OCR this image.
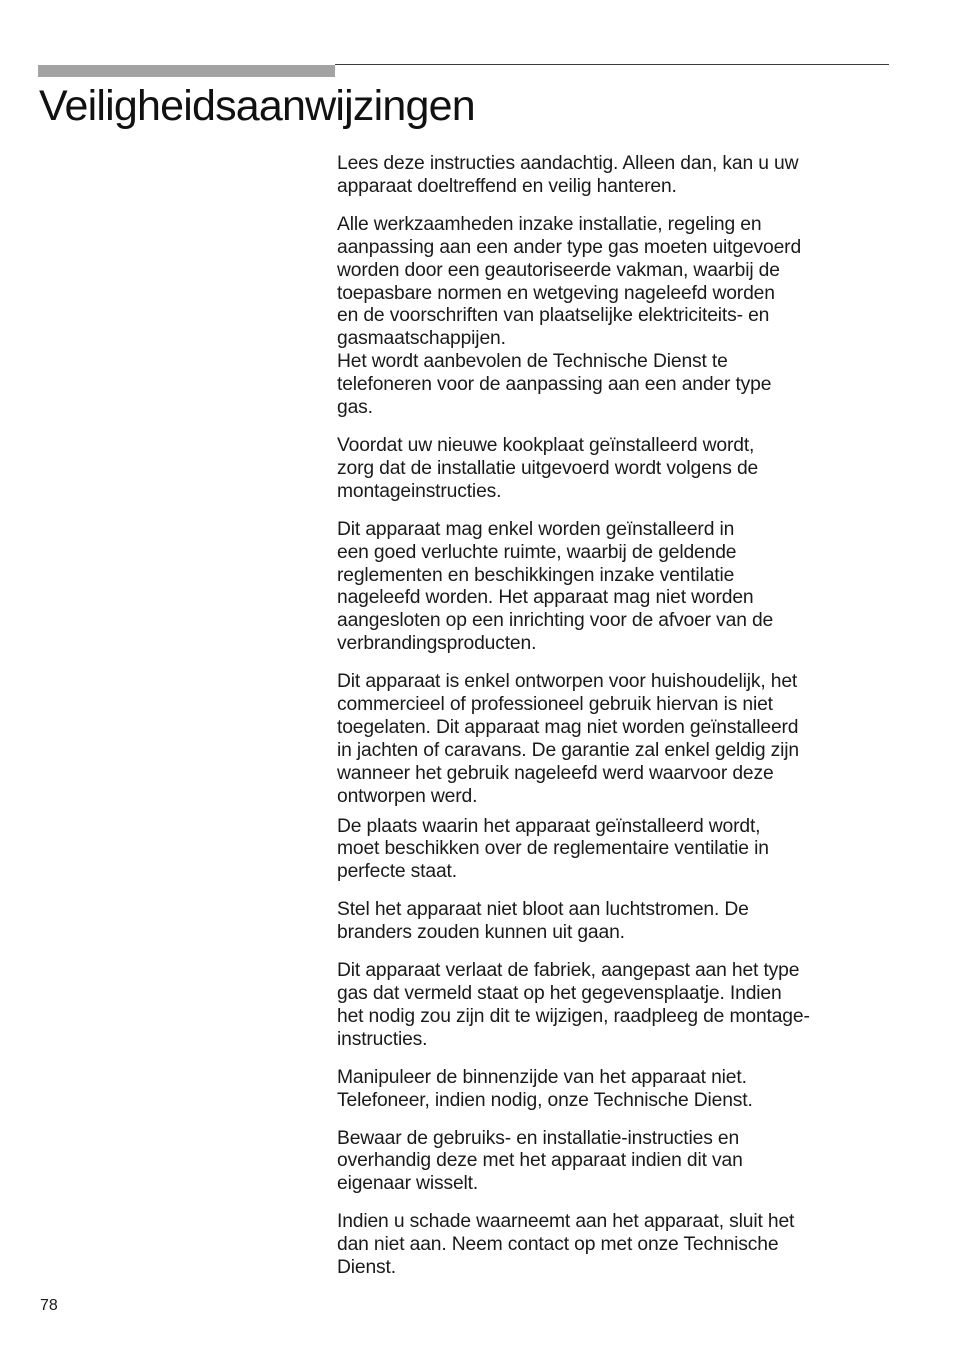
Veiligheidsaanwijzingen

Lees deze instructies aandachtig. Alleen dan, kan u uw
apparaat doeltreffend en veilig hanteren.

Alle werkzaamheden inzake installatie, regeling en
aanpassing aan een ander type gas moeten uitgevoerd
worden door een geautoriseerde vakman, waarbij de
toepasbare normen en wetgeving nageleefd worden
en de voorschriften van plaatselijke elektriciteits- en
gasmaatschappijen.
Het wordt aanbevolen de Technische Dienst te
telefoneren voor de aanpassing aan een ander type
gas.

Voordat uw nieuwe kookplaat geïnstalleerd wordt,
zorg dat de installatie uitgevoerd wordt volgens de
montageinstructies.

Dit apparaat mag enkel worden geïnstalleerd in
een goed verluchte ruimte, waarbij de geldende
reglementen en beschikkingen inzake ventilatie
nageleefd worden. Het apparaat mag niet worden
aangesloten op een inrichting voor de afvoer van de
verbrandingsproducten.

Dit apparaat is enkel ontworpen voor huishoudelijk, het
commercieel of professioneel gebruik hiervan is niet
toegelaten. Dit apparaat mag niet worden geïnstalleerd
in jachten of caravans. De garantie zal enkel geldig zijn
wanneer het gebruik nageleefd werd waarvoor deze
ontworpen werd.

De plaats waarin het apparaat geïnstalleerd wordt,
moet beschikken over de reglementaire ventilatie in
perfecte staat.

Stel het apparaat niet bloot aan luchtstromen. De
branders zouden kunnen uit gaan.

Dit apparaat verlaat de fabriek, aangepast aan het type
gas dat vermeld staat op het gegevensplaatje. Indien
het nodig zou zijn dit te wijzigen, raadpleeg de montage-
instructies.

Manipuleer de binnenzijde van het apparaat niet.
Telefoneer, indien nodig, onze Technische Dienst.

Bewaar de gebruiks- en installatie-instructies en
overhandig deze met het apparaat indien dit van
eigenaar wisselt.

Indien u schade waarneemt aan het apparaat, sluit het
dan niet aan. Neem contact op met onze Technische
Dienst.

78
